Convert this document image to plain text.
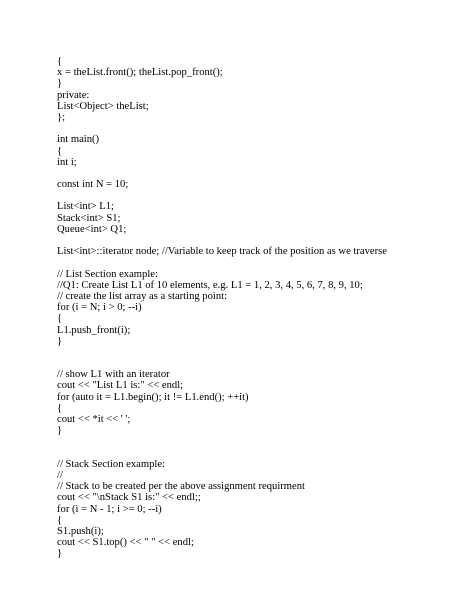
{
x = theList.front(); theList.pop_front();
}
private:
List<Object> theList;
};
int main()
{
int i;
const int N = 10;
List<int> L1;
Stack<int> S1;
Queue<int> Q1;
List<int>::iterator node; //Variable to keep track of the position as we traverse
// List Section example:
//Q1: Create List L1 of 10 elements, e.g. L1 = 1, 2, 3, 4, 5, 6, 7, 8, 9, 10;
// create the list array as a starting point:
for (i = N; i > 0; --i)
{
L1.push_front(i);
}
// show L1 with an iterator
cout << "List L1 is:" << endl;
for (auto it = L1.begin(); it != L1.end(); ++it)
{
cout << *it << ' ';
}
// Stack Section example:
//
// Stack to be created per the above assignment requirment
cout << "\nStack S1 is:" << endl;;
for (i = N - 1; i >= 0; --i)
{
S1.push(i);
cout << S1.top() << " " << endl;
}
